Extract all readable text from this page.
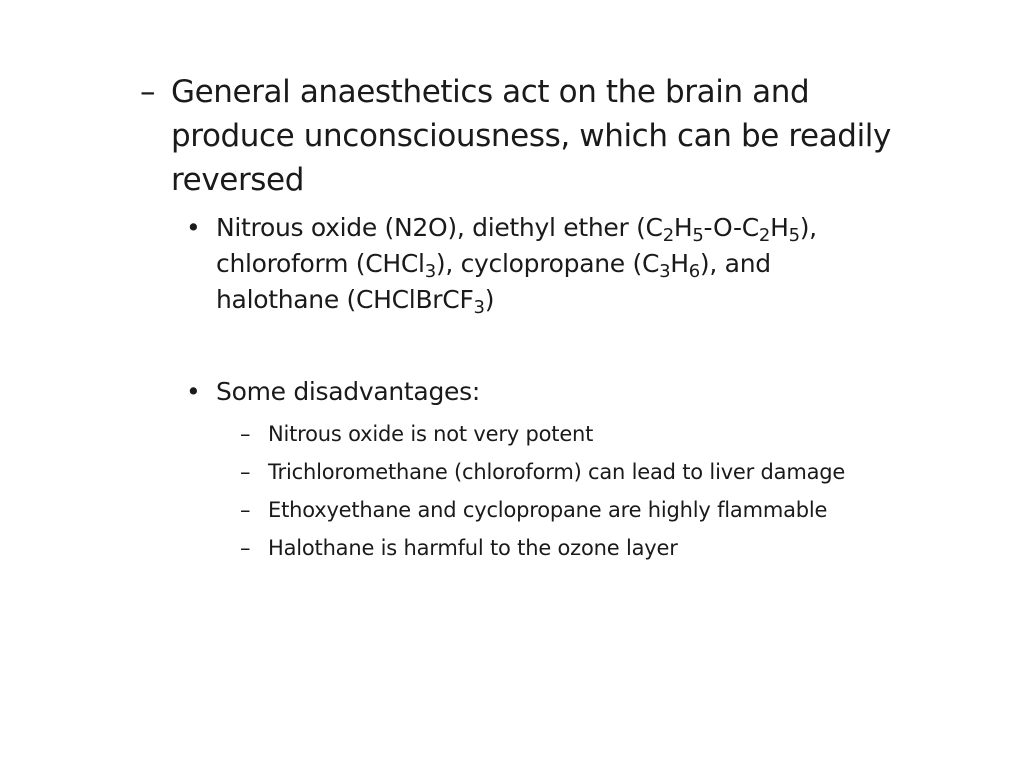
– General anaesthetics act on the brain and
produce unconsciousness, which can be readily
reversed
• Nitrous oxide (N2O), diethyl ether $(C_2H_5-O-C_2H_5)$,
chloroform (CHCl$_3$), cyclopropane $(C_3H_6)$, and
halothane (CHClBrCF$_3$)
• Some disadvantages:
– Nitrous oxide is not very potent
– Trichloromethane (chloroform) can lead to liver damage
– Ethoxyethane and cyclopropane are highly flammable
– Halothane is harmful to the ozone layer
